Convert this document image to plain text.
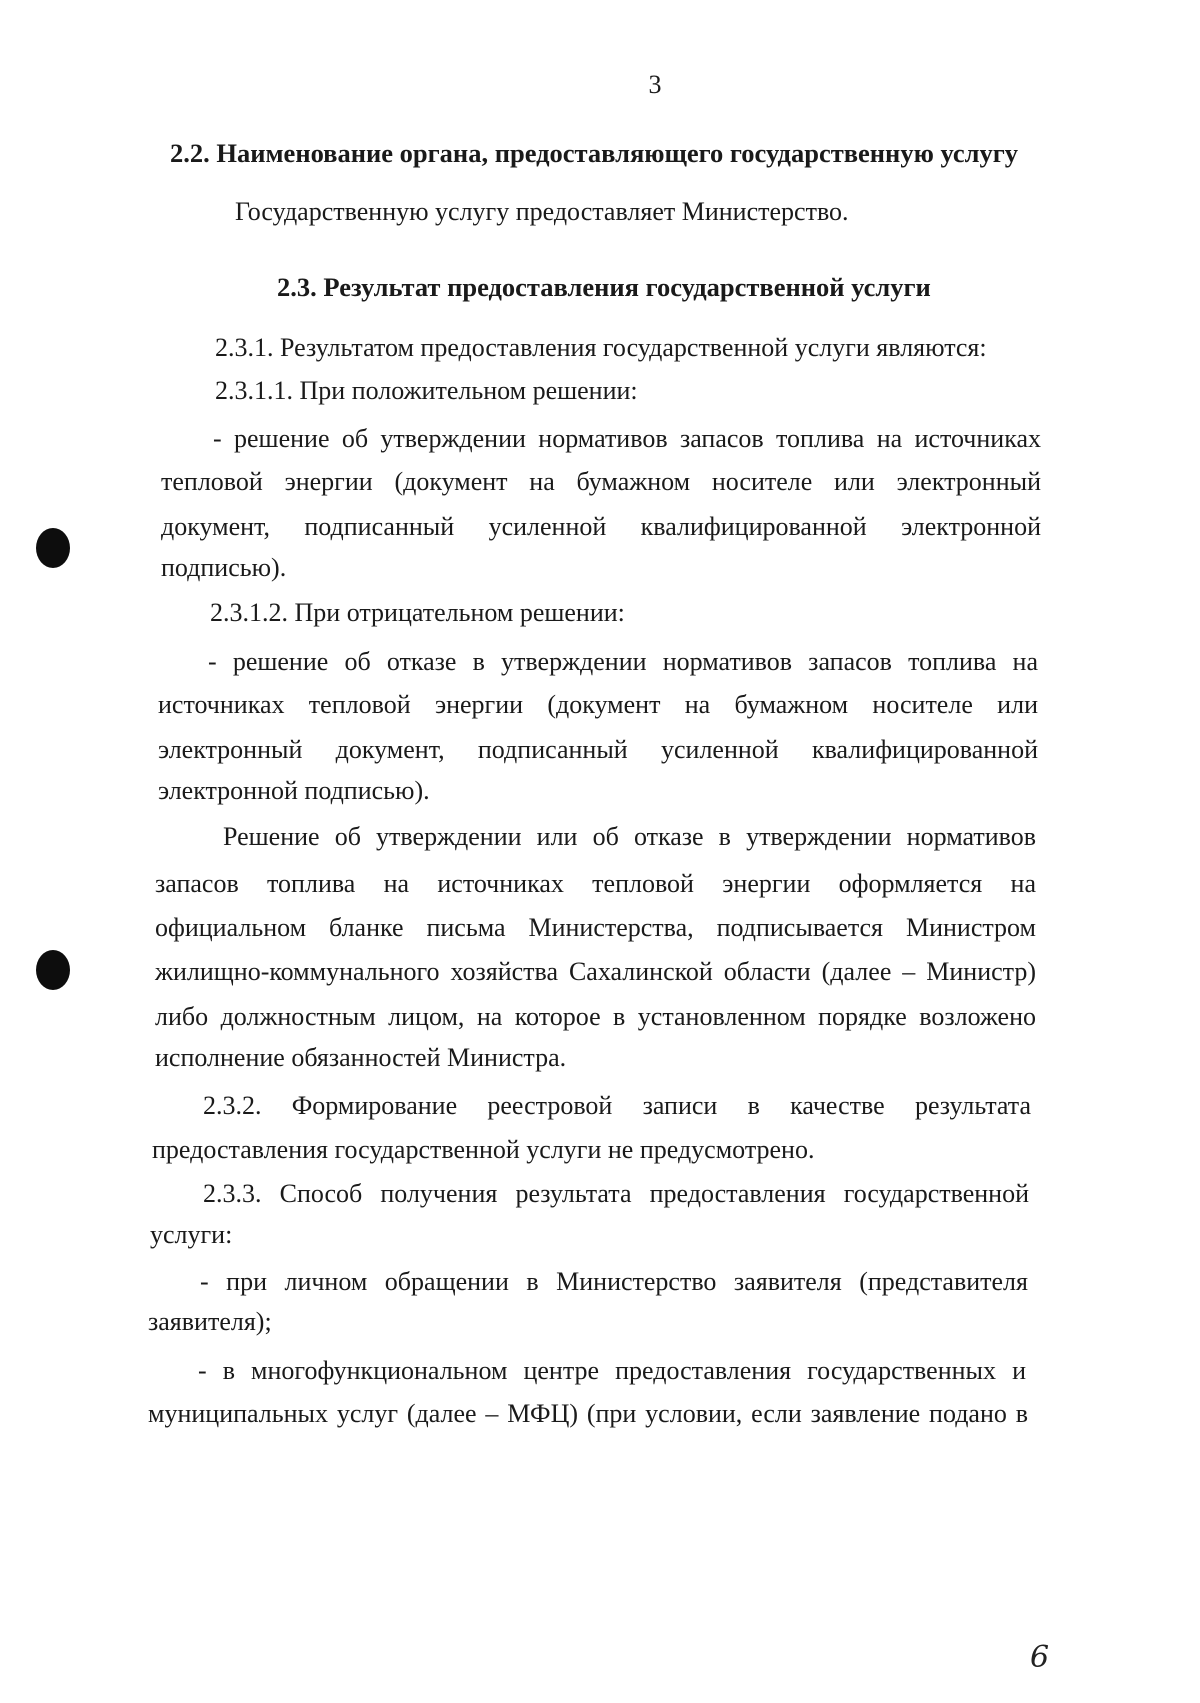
3
2.2. Наименование органа, предоставляющего государственную услугу
Государственную услугу предоставляет Министерство.
2.3. Результат предоставления государственной услуги
2.3.1. Результатом предоставления государственной услуги являются:
2.3.1.1. При положительном решении:
- решение об утверждении нормативов запасов топлива на источниках
тепловой энергии (документ на бумажном носителе или электронный
документ, подписанный усиленной квалифицированной электронной
подписью).
2.3.1.2. При отрицательном решении:
- решение об отказе в утверждении нормативов запасов топлива на
источниках тепловой энергии (документ на бумажном носителе или
электронный документ, подписанный усиленной квалифицированной
электронной подписью).
Решение об утверждении или об отказе в утверждении нормативов
запасов топлива на источниках тепловой энергии оформляется на
официальном бланке письма Министерства, подписывается Министром
жилищно-коммунального хозяйства Сахалинской области (далее – Министр)
либо должностным лицом, на которое в установленном порядке возложено
исполнение обязанностей Министра.
2.3.2. Формирование реестровой записи в качестве результата
предоставления государственной услуги не предусмотрено.
2.3.3. Способ получения результата предоставления государственной
услуги:
- при личном обращении в Министерство заявителя (представителя
заявителя);
- в многофункциональном центре предоставления государственных и
муниципальных услуг (далее – МФЦ) (при условии, если заявление подано в
6
